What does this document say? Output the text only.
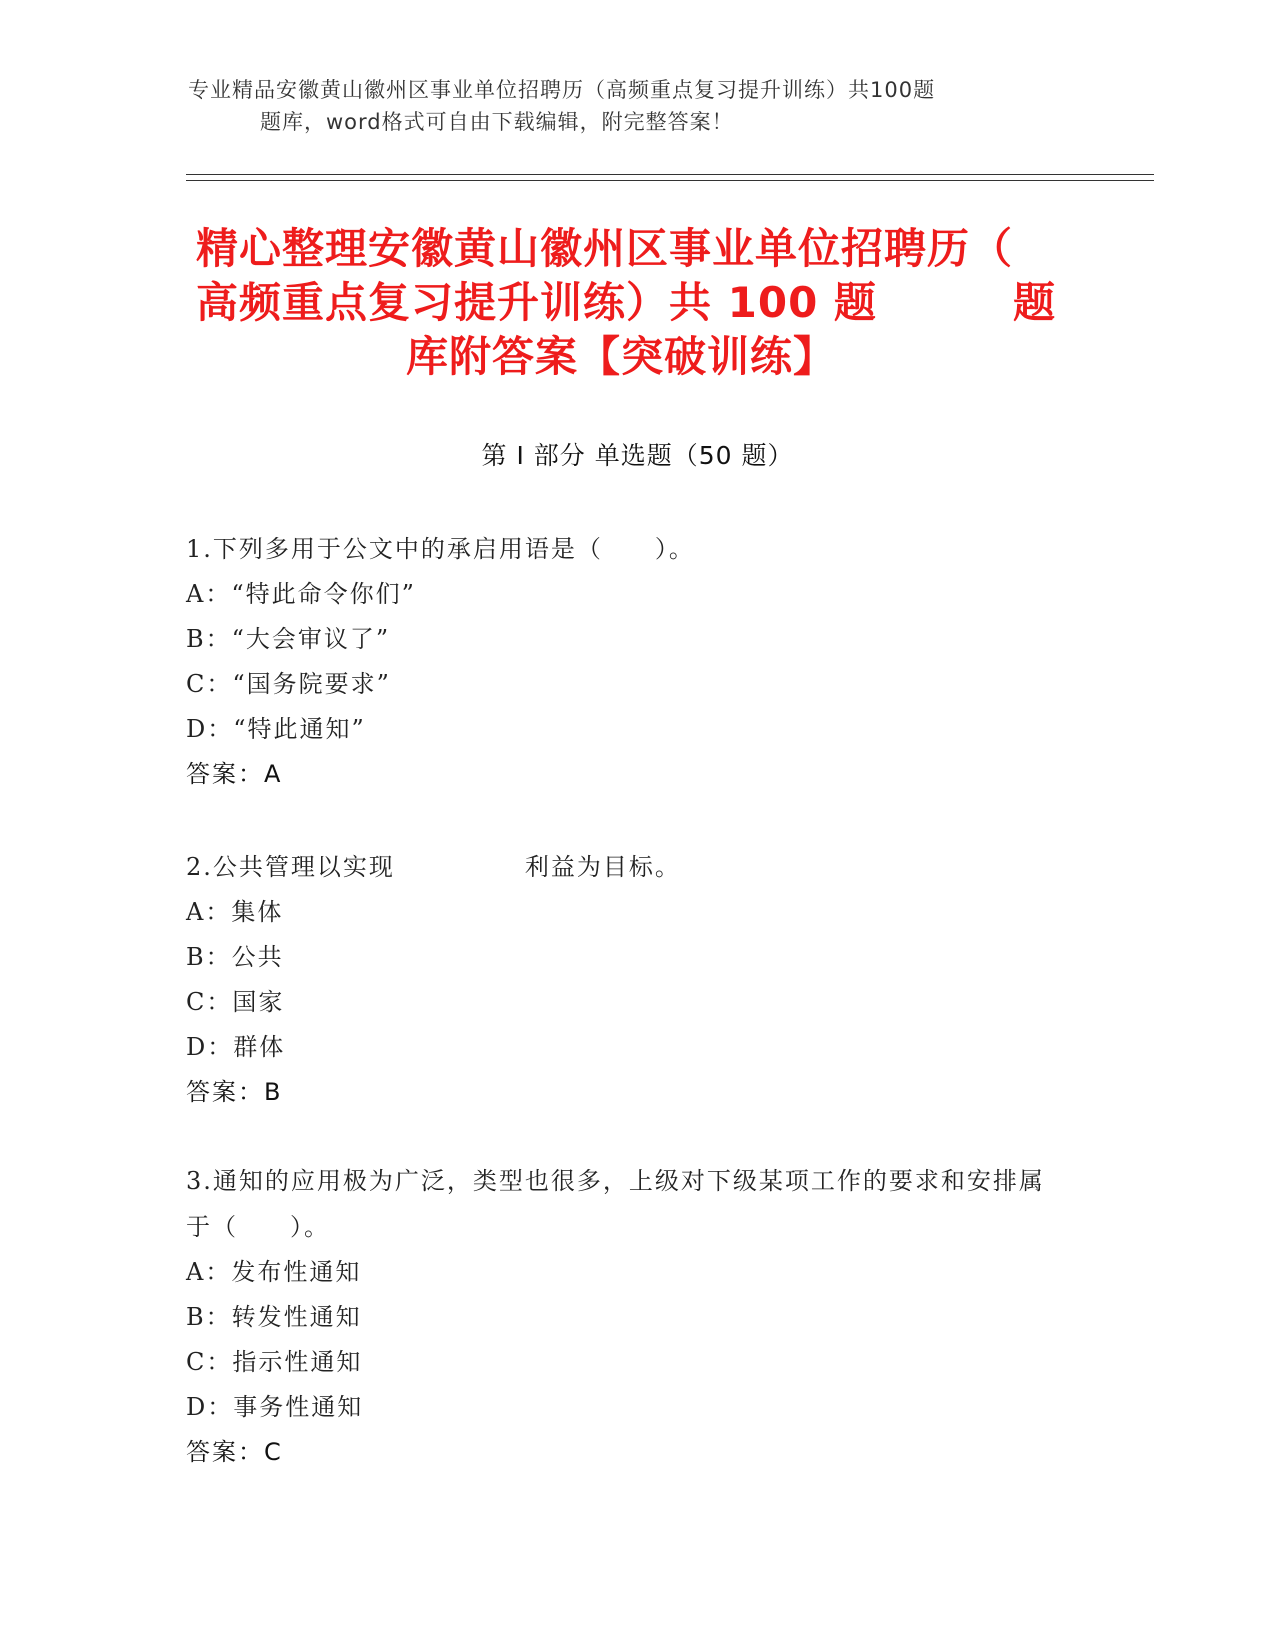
专业精品安徽黄山徽州区事业单位招聘历（高频重点复习提升训练）共100题
题库，word格式可自由下载编辑，附完整答案！
精心整理安徽黄山徽州区事业单位招聘历（
高频重点复习提升训练）共 100 题	题
库附答案【突破训练】
第 I 部分 单选题（50 题）
1.下列多用于公文中的承启用语是（　　）。
A：“特此命令你们”
B：“大会审议了”
C：“国务院要求”
D：“特此通知”
答案：A
2.公共管理以实现　　　　　利益为目标。
A：集体
B：公共
C：国家
D：群体
答案：B
3.通知的应用极为广泛，类型也很多，上级对下级某项工作的要求和安排属于（　　）。
A：发布性通知
B：转发性通知
C：指示性通知
D：事务性通知
答案：C
